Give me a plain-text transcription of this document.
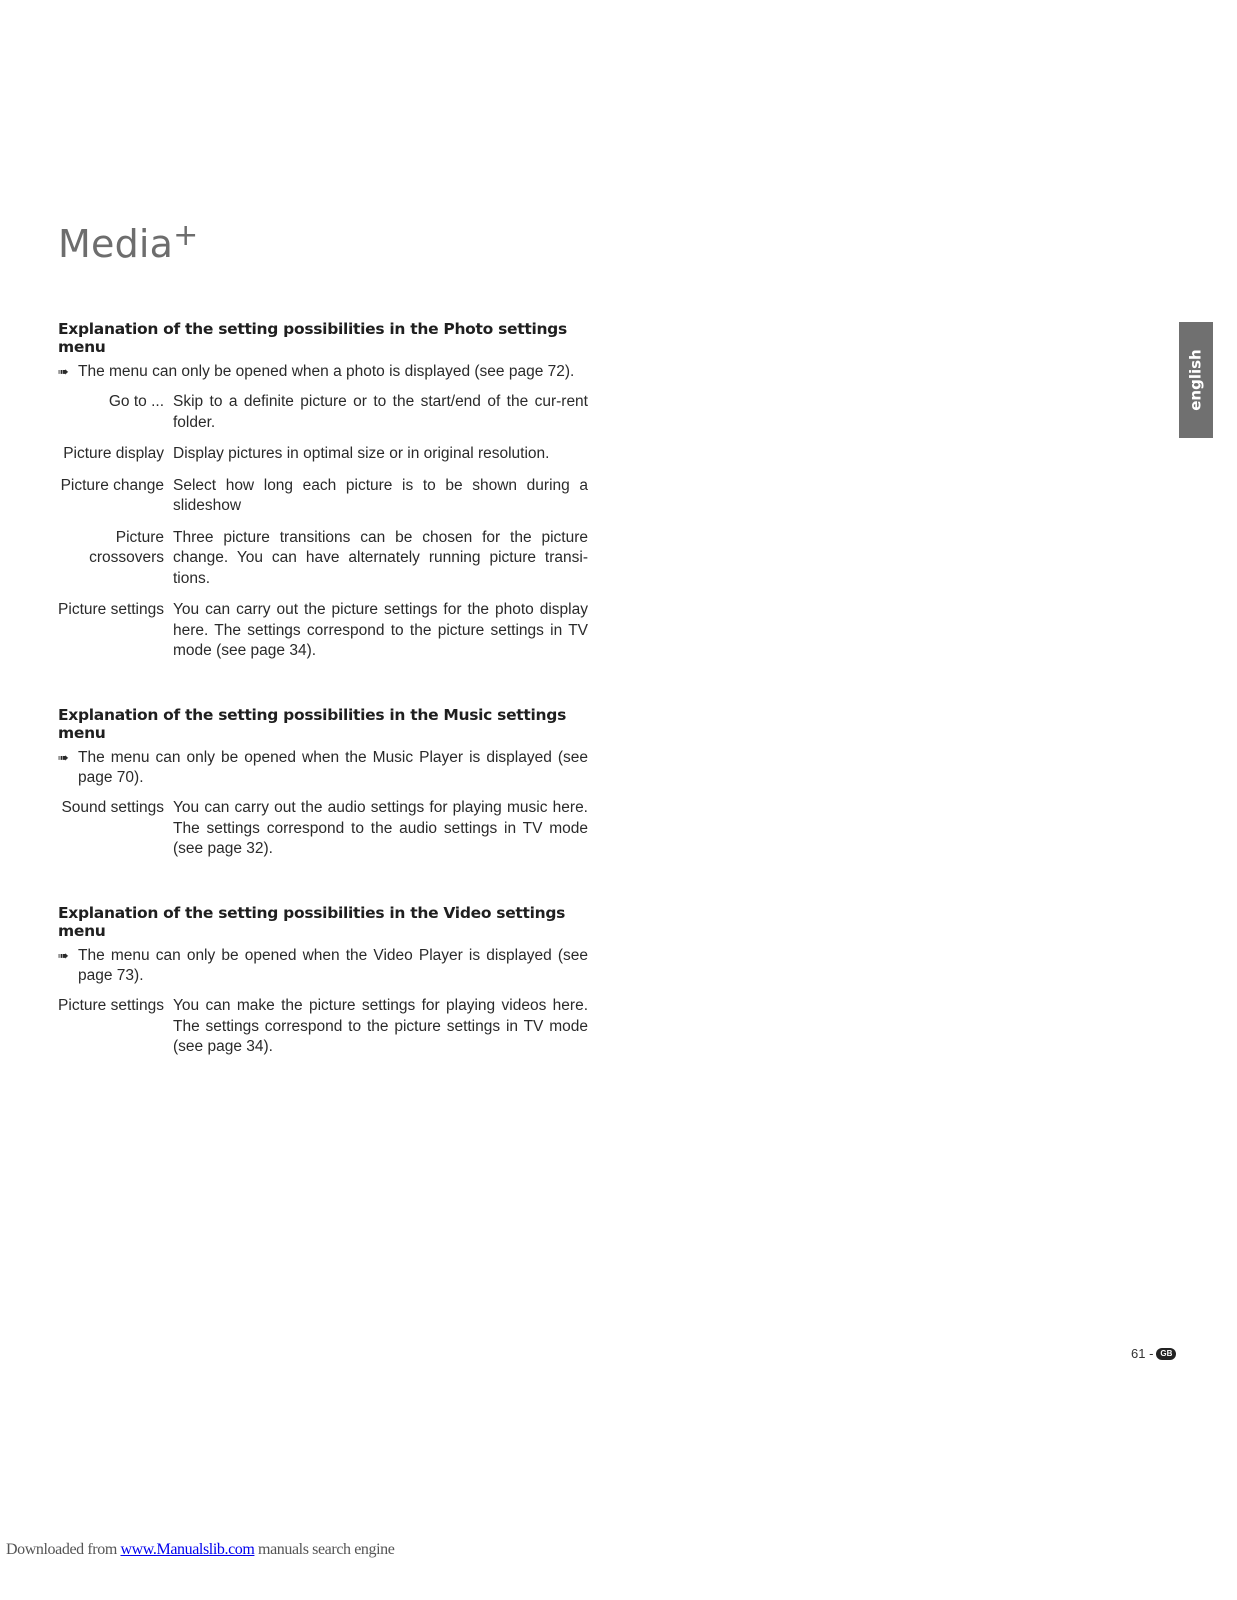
Media+
Explanation of the setting possibilities in the Photo settings menu
➠ The menu can only be opened when a photo is displayed (see page 72).
Go to ... Skip to a definite picture or to the start/end of the cur-rent folder.
Picture display Display pictures in optimal size or in original resolution.
Picture change Select how long each picture is to be shown during a slideshow
Picture crossovers
Three picture transitions can be chosen for the picture change. You can have alternately running picture transi-tions.
Picture settings You can carry out the picture settings for the photo display here. The settings correspond to the picture settings in TV mode (see page 34).
Explanation of the setting possibilities in the Music settings menu
➠ The menu can only be opened when the Music Player is displayed (see page 70).
Sound settings You can carry out the audio settings for playing music here. The settings correspond to the audio settings in TV mode (see page 32).
Explanation of the setting possibilities in the Video settings menu
➠ The menu can only be opened when the Video Player is displayed (see page 73).
Picture settings You can make the picture settings for playing videos here. The settings correspond to the picture settings in TV mode (see page 34).
english
61 - GB
Downloaded from www.Manualslib.com manuals search engine
